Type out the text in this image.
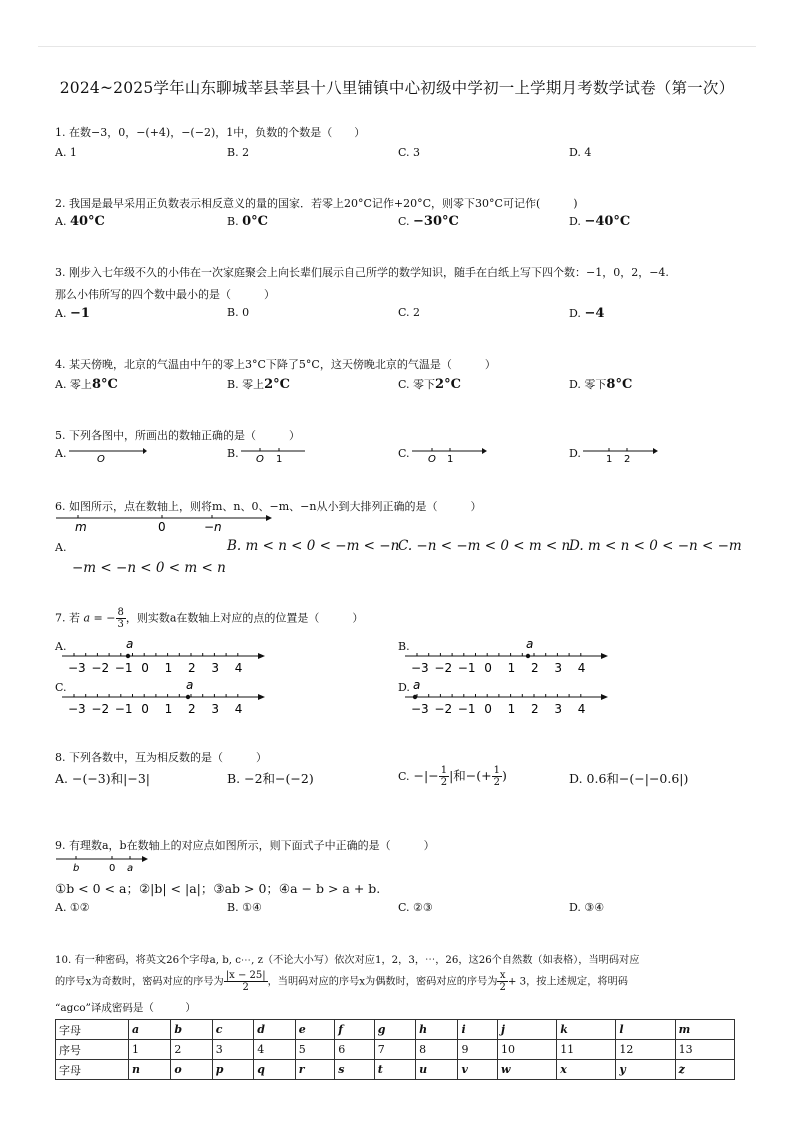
2024~2025学年山东聊城莘县莘县十八里铺镇中心初级中学初一上学期月考数学试卷（第一次）
1. 在数−3，0，−(+4)，−(−2)，1中，负数的个数是（　　）
A. 1	B. 2	C. 3	D. 4
2. 我国是最早采用正负数表示相反意义的量的国家．若零上20°C记作+20°C，则零下30°C可记作(　　　)
A. 40°C	B. 0°C	C. −30°C	D. −40°C
3. 刚步入七年级不久的小伟在一次家庭聚会上向长辈们展示自己所学的数学知识，随手在白纸上写下四个数：−1，0，2，−4.
那么小伟所写的四个数中最小的是（　　　）
A. −1	B. 0	C. 2	D. −4
4. 某天傍晚，北京的气温由中午的零上3°C下降了5°C，这天傍晚北京的气温是（　　　）
A. 零上8°C	B. 零上2°C	C. 零下2°C	D. 零下8°C
5. 下列各图中，所画出的数轴正确的是（　　　）
A.	O	B. O 1	C. O 1	D.	1 2
6. 如图所示，点在数轴上，则将m、n、0、−m、−n从小到大排列正确的是（　　　）
m	0	−n
A.	B. m < n < 0 < −m < −n
C. −n < −m < 0 < m < n
D. m < n < 0 < −n < −m
−m < −n < 0 < m < n
7. 若 a = − $\frac{8}{3}$ ，则实数a在数轴上对应的点的位置是（　　　）
A.
−3 −2 −1 0 1 2 3 4
a	B.
−3 −2 −1 0 1 2 3 4
a
C.
−3 −2 −1 0 1 2 3 4
a	D.
−3 −2 −1 0 1 2 3 4
a
8. 下列各数中，互为相反数的是（　　　）
A. −(−3)和|−3|	B. −2和−(−2)	C. −|− $\frac{1}{2}$ |和−(+ $\frac{1}{2}$ )	D. 0.6和−(−|−0.6|)
9. 有理数a，b在数轴上的对应点如图所示，则下面式子中正确的是（　　　）
b	0 a
①b < 0 < a；②|b| < |a|；③ab > 0；④a − b > a + b.
A. ①②	B. ①④	C. ②③	D. ③④
10. 有一种密码，将英文26个字母a, b, c⋯, z（不论大小写）依次对应1，2，3，⋯，26，这26个自然数（如表格），当明码对应
的序号x为奇数时，密码对应的序号为 $\frac{|x - 25|}{2}$ ，当明码对应的序号x为偶数时，密码对应的序号为 $\frac{x}{2} + 3$，按上述规定，将明码
“agco”译成密码是（　　　）
字母	a	b	c	d	e	f	g	h	i	j	k	l	m
序号	1	2	3	4	5	6	7	8	9	10	11	12	13
字母	n	o	p	q	r	s	t	u	v	w	x	y	z
